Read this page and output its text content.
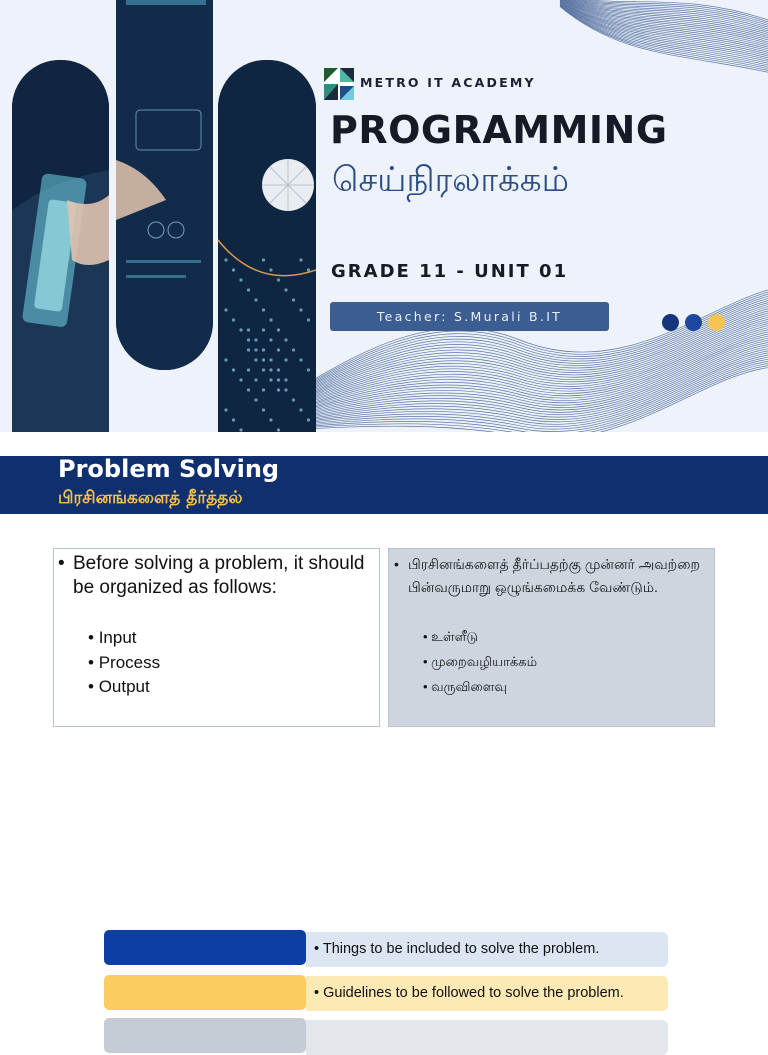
METRO IT ACADEMY
PROGRAMMING
செய்நிரலாக்கம்
GRADE 11 - UNIT 01
Teacher: S.Murali B.IT
Problem Solving
பிரசினங்களைத் தீர்த்தல்
• Before solving a problem, it should be organized as follows:
• Input
• Process
• Output
• பிரசினங்களைத் தீர்ப்பதற்கு முன்னர் அவற்றை பின்வருமாறு ஒழுங்கமைக்க வேண்டும்.
• உள்ளீடு
• முறைவழியாக்கம்
• வருவிளைவு
• Things to be included to solve the problem.
• Guidelines to be followed to solve the problem.
